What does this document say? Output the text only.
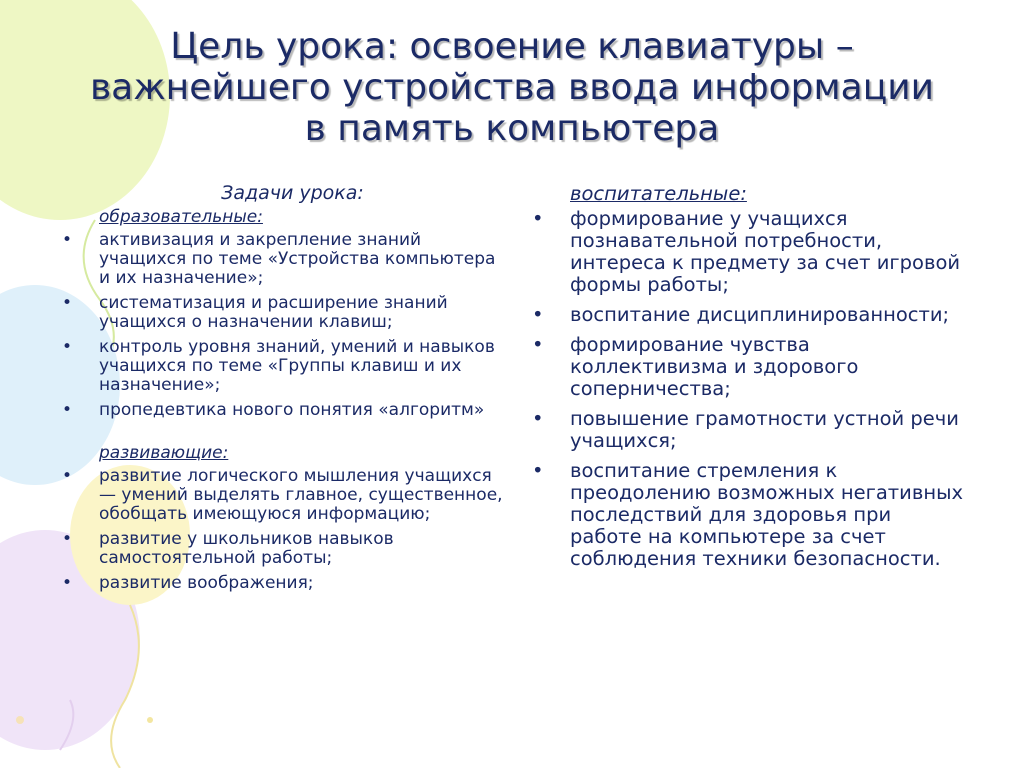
Цель урока: освоение клавиатуры – важнейшего устройства ввода информации в память компьютера
Задачи урока:
образовательные:
• активизация и закрепление знаний учащихся по теме «Устройства компьютера и их назначение»;
• систематизация и расширение знаний учащихся о назначении клавиш;
• контроль уровня знаний, умений и навыков учащихся по теме «Группы клавиш и их назначение»;
• пропедевтика нового понятия «алгоритм»
развивающие:
• развитие логического мышления учащихся — умений выделять главное, существенное, обобщать имеющуюся информацию;
• развитие у школьников навыков самостоятельной работы;
• развитие воображения;
воспитательные:
• формирование у учащихся познавательной потребности, интереса к предмету за счет игровой формы работы;
• воспитание дисциплинированности;
• формирование чувства коллективизма и здорового соперничества;
• повышение грамотности устной речи учащихся;
• воспитание стремления к преодолению возможных негативных последствий для здоровья при работе на компьютере за счет соблюдения техники безопасности.
